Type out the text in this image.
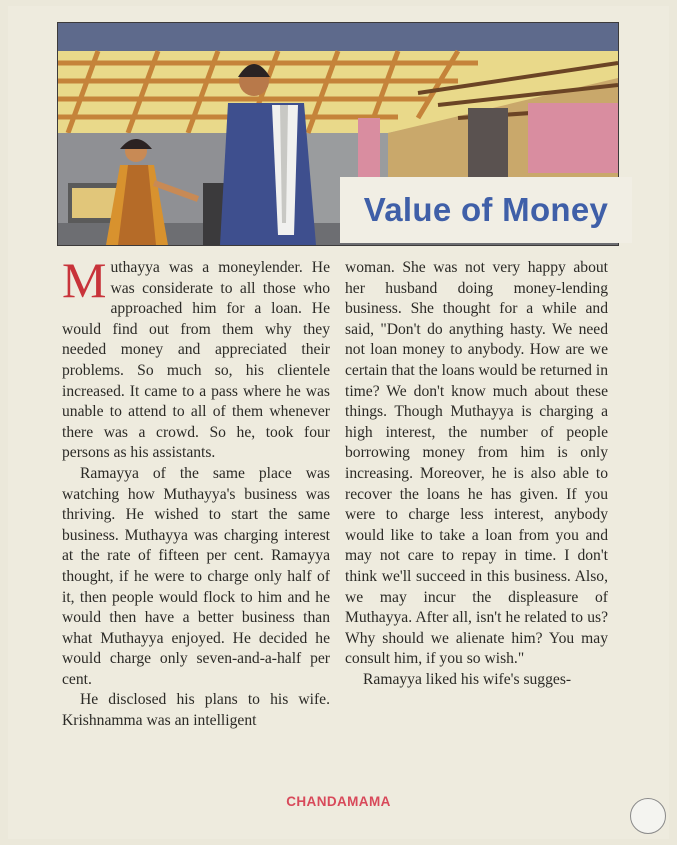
Value of Money

Muthayya was a moneylender. He was considerate to all those who approached him for a loan. He would find out from them why they needed money and appreciated their problems. So much so, his clientele increased. It came to a pass where he was unable to attend to all of them whenever there was a crowd. So he, took four persons as his assistants.

Ramayya of the same place was watching how Muthayya's business was thriving. He wished to start the same business. Muthayya was charging interest at the rate of fifteen per cent. Ramayya thought, if he were to charge only half of it, then people would flock to him and he would then have a better business than what Muthayya enjoyed. He decided he would charge only seven-and-a-half per cent.

He disclosed his plans to his wife. Krishnamma was an intelligent

woman. She was not very happy about her husband doing money-lending business. She thought for a while and said, "Don't do anything hasty. We need not loan money to anybody. How are we certain that the loans would be returned in time? We don't know much about these things. Though Muthayya is charging a high interest, the number of people borrowing money from him is only increasing. Moreover, he is also able to recover the loans he has given. If you were to charge less interest, anybody would like to take a loan from you and may not care to repay in time. I don't think we'll succeed in this business. Also, we may incur the displeasure of Muthayya. After all, isn't he related to us? Why should we alienate him? You may consult him, if you so wish."

Ramayya liked his wife's sugges-

CHANDAMAMA
